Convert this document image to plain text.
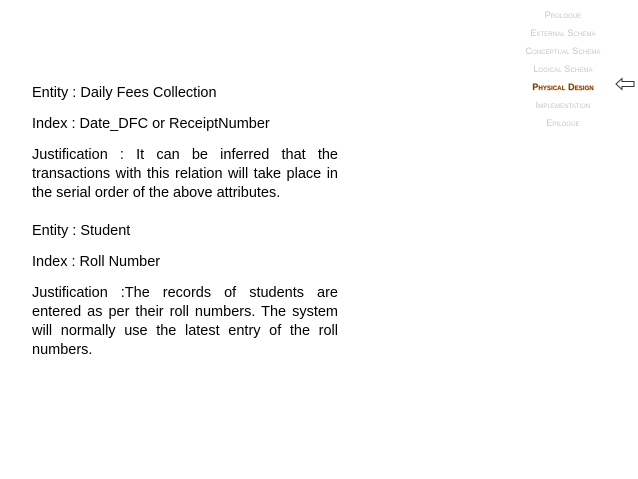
Prologue
External Schema
Conceptual Schema
Logical Schema
Physical Design
Implementation
Epilogue

Entity : Daily Fees Collection

Index : Date_DFC or ReceiptNumber

Justification : It can be inferred that the transactions with this relation will take place in the serial order of the above attributes.

Entity : Student

Index : Roll Number

Justification :The records of students are entered as per their roll numbers. The system will normally use the latest entry of the roll numbers.
